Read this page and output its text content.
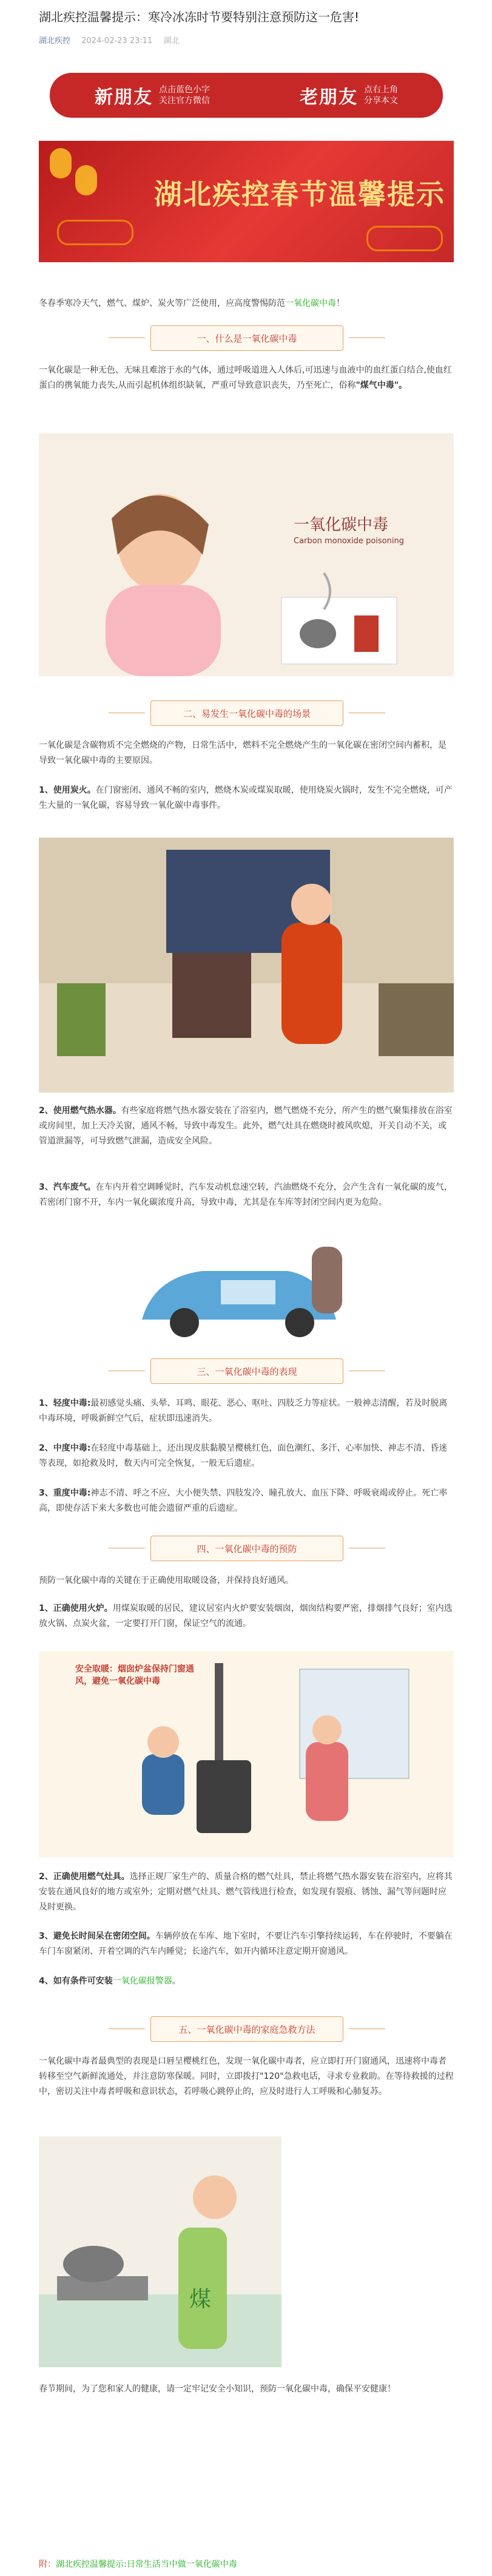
湖北疾控温馨提示：寒冷冰冻时节要特别注意预防这一危害!
湖北疾控 2024-02-23 23:11 湖北
新朋友 点击蓝色小字
关注官方微信	老朋友 点右上角
分享本文
湖北疾控春节温馨提示
冬春季寒冷天气，燃气、煤炉、炭火等广泛使用，应高度警惕防范一氧化碳中毒！
一、什么是一氧化碳中毒
一氧化碳是一种无色、无味且难溶于水的气体，通过呼吸道进入人体后,可迅速与血液中的血红蛋白结合,使血红蛋白的携氧能力丧失,从而引起机体组织缺氧，严重可导致意识丧失，乃至死亡，俗称"煤气中毒"。
一氧化碳中毒
Carbon monoxide poisoning
二、易发生一氧化碳中毒的场景
一氧化碳是含碳物质不完全燃烧的产物，日常生活中，燃料不完全燃烧产生的一氧化碳在密闭空间内蓄积，是导致一氧化碳中毒的主要原因。
1、使用炭火。在门窗密闭、通风不畅的室内，燃烧木炭或煤炭取暖，使用烧炭火锅时，发生不完全燃烧，可产生大量的一氧化碳，容易导致一氧化碳中毒事件。
2、使用燃气热水器。有些家庭将燃气热水器安装在了浴室内，燃气燃烧不充分，所产生的燃气聚集排放在浴室或房间里，加上天冷关窗，通风不畅，导致中毒发生。此外，燃气灶具在燃烧时被风吹熄，开关自动不关，或管道泄漏等，可导致燃气泄漏，造成安全风险。
3、汽车废气。在车内开着空调睡觉时，汽车发动机怠速空转，汽油燃烧不充分，会产生含有一氧化碳的废气，若密闭门窗不开，车内一氧化碳浓度升高，导致中毒，尤其是在车库等封闭空间内更为危险。
三、一氧化碳中毒的表现
1、轻度中毒:最初感觉头痛、头晕、耳鸣、眼花、恶心、呕吐、四肢乏力等症状。一般神志清醒，若及时脱离中毒环境，呼吸新鲜空气后，症状即迅速消失。
2、中度中毒:在轻度中毒基础上，还出现皮肤黏膜呈樱桃红色，面色潮红、多汗、心率加快、神志不清、昏迷等表现，如抢救及时，数天内可完全恢复，一般无后遗症。
3、重度中毒:神志不清、呼之不应、大小便失禁、四肢发冷、瞳孔放大、血压下降、呼吸衰竭或停止。死亡率高，即使存活下来大多数也可能会遗留严重的后遗症。
四、一氧化碳中毒的预防
预防一氧化碳中毒的关键在于正确使用取暖设备，并保持良好通风。
1、正确使用火炉。用煤炭取暖的居民，建议居室内火炉要安装烟囱，烟囱结构要严密，排烟排气良好；室内选放火锅、点炭火盆，一定要打开门窗，保证空气的流通。
安全取暖：烟囱炉盆保持门窗通风，避免一氧化碳中毒
2、正确使用燃气灶具。选择正规厂家生产的、质量合格的燃气灶具，禁止将燃气热水器安装在浴室内，应将其安装在通风良好的地方或室外；定期对燃气灶具、燃气管线进行检查，如发现有裂痕、锈蚀、漏气等问题时应及时更换。
3、避免长时间呆在密闭空间。车辆停放在车库、地下室时，不要让汽车引擎持续运转，车在停驶时，不要躺在车门车窗紧闭、开着空调的汽车内睡觉；长途汽车，如开内循环注意定期开窗通风。
4、如有条件可安装一氧化碳报警器。
五、一氧化碳中毒的家庭急救方法
一氧化碳中毒者最典型的表现是口唇呈樱桃红色，发现一氧化碳中毒者，应立即打开门窗通风，迅速将中毒者转移至空气新鲜流通处，并注意防寒保暖。同时，立即拨打"120"急救电话，寻求专业救助。在等待救援的过程中，密切关注中毒者呼吸和意识状态，若呼吸心跳停止的，应及时进行人工呼吸和心肺复苏。
煤
春节期间，为了您和家人的健康，请一定牢记安全小知识，预防一氧化碳中毒，确保平安健康！
附：湖北疾控温馨提示:日常生活当中做一氧化碳中毒
